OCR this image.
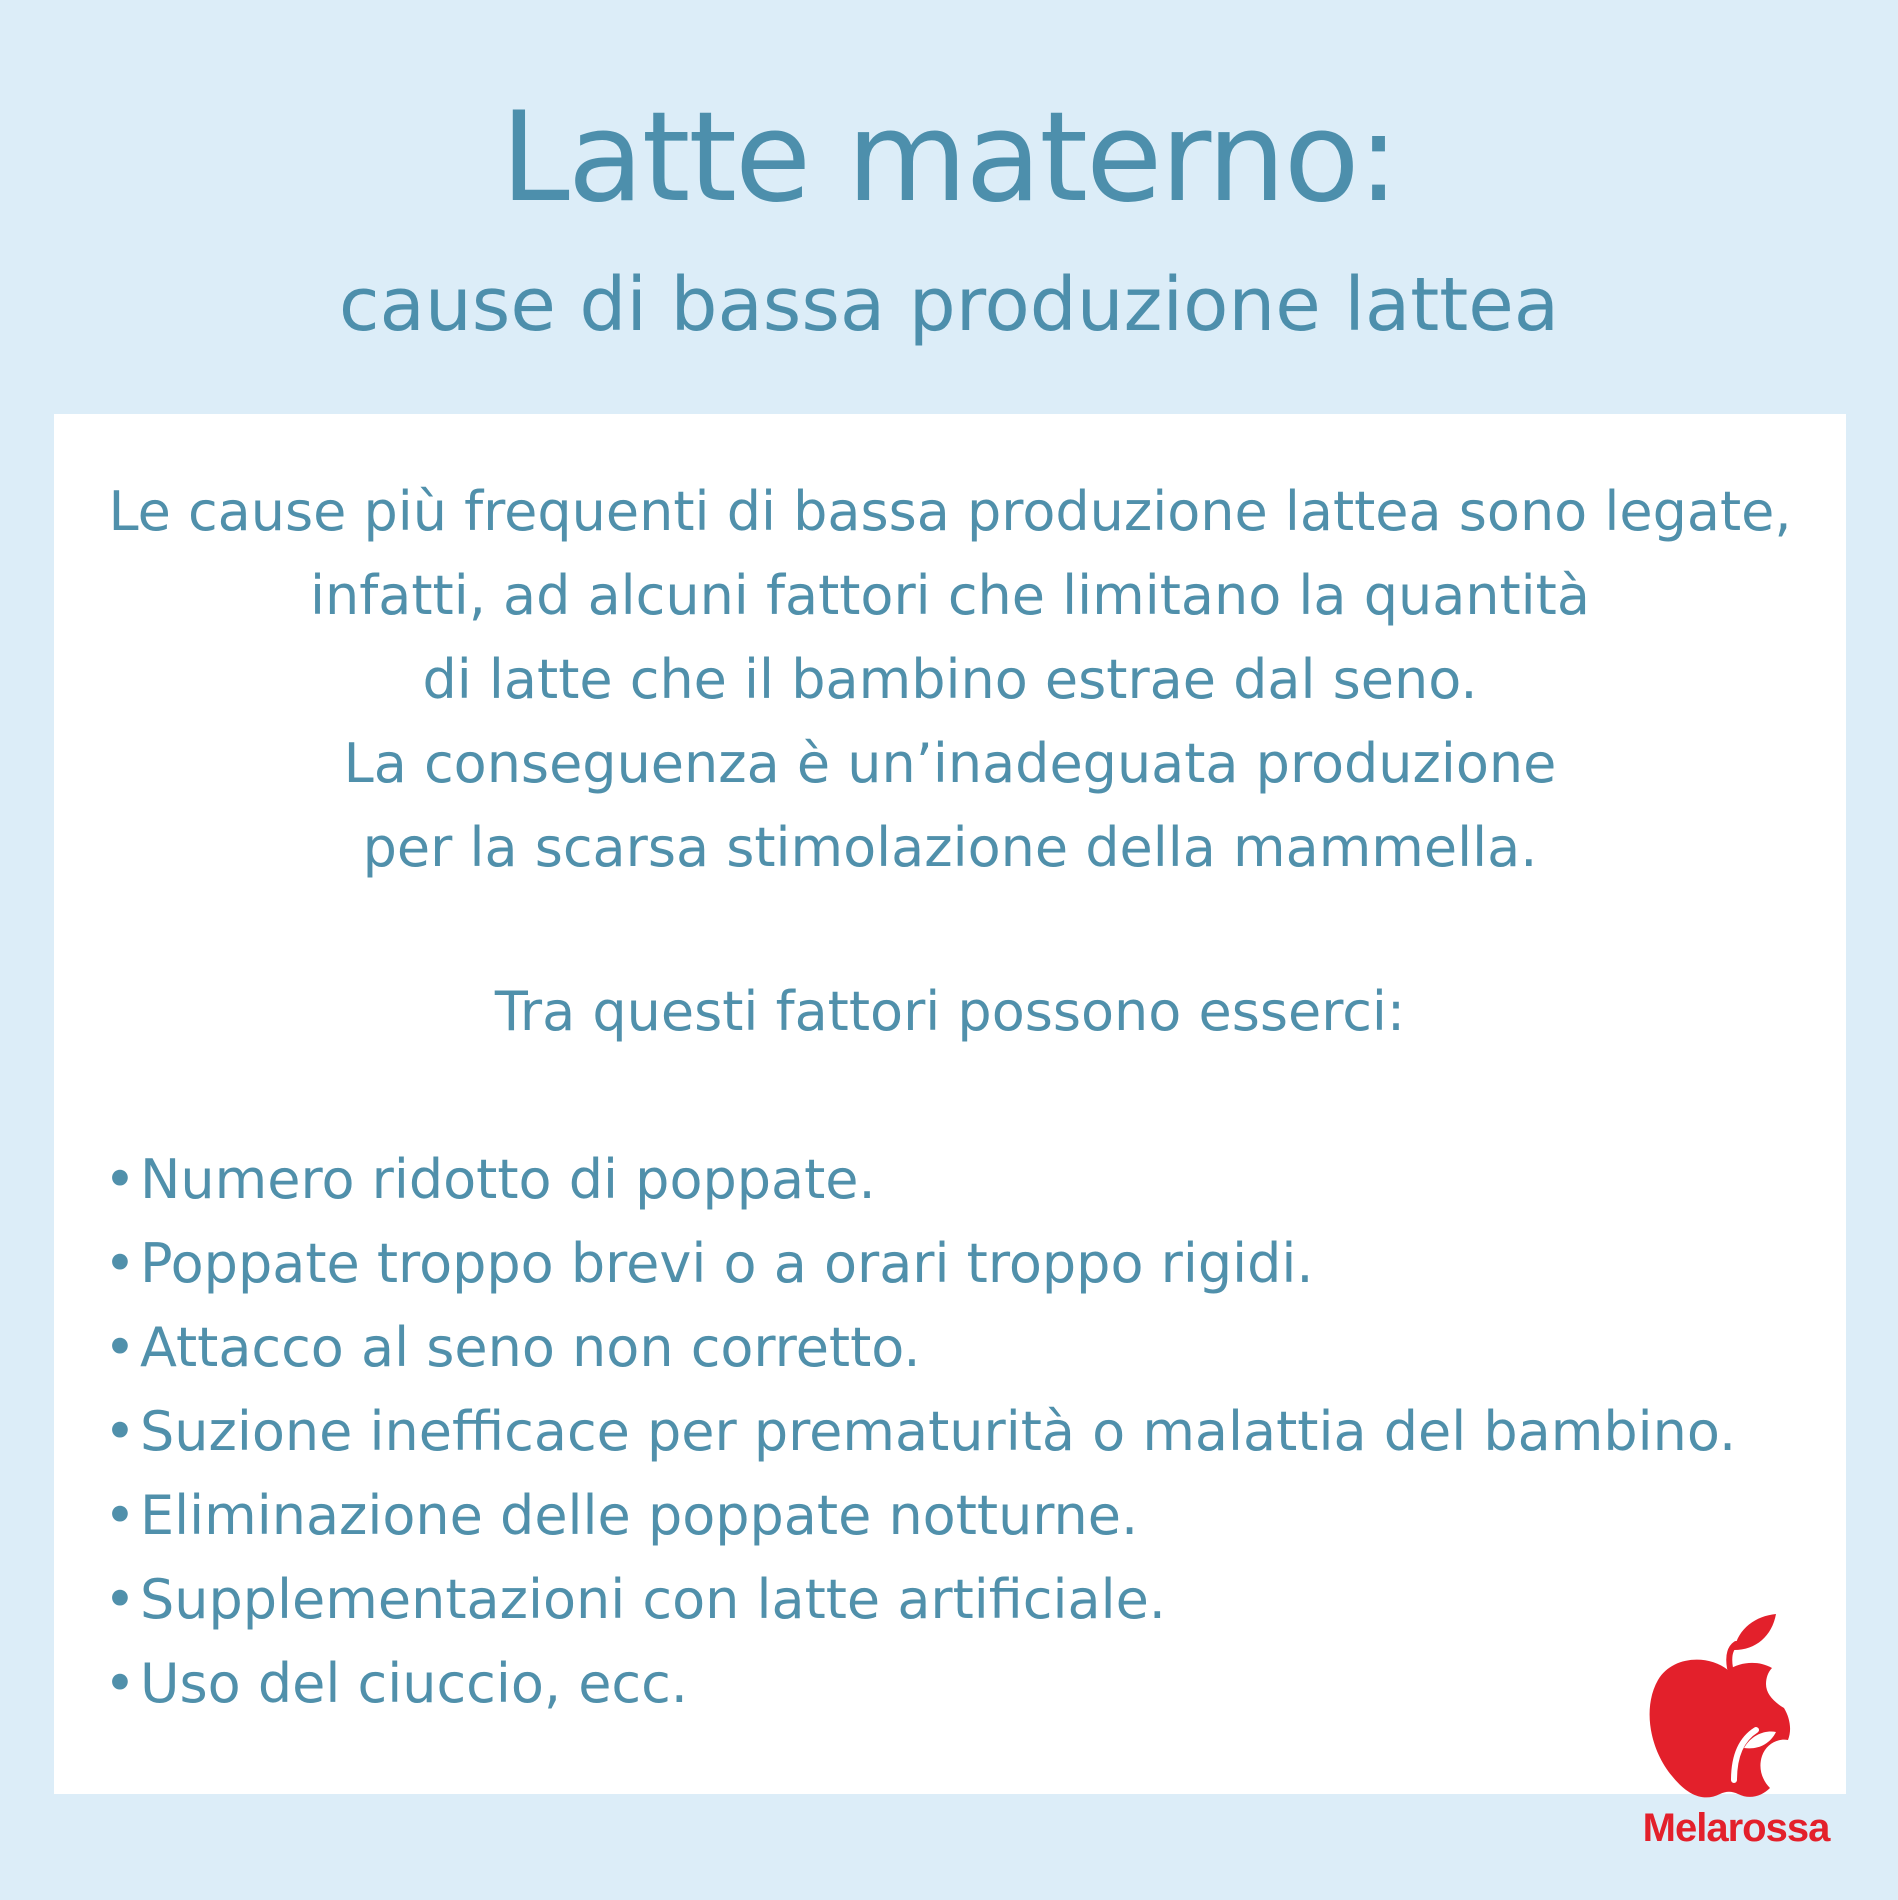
Latte materno:
cause di bassa produzione lattea
Le cause più frequenti di bassa produzione lattea sono legate,
infatti, ad alcuni fattori che limitano la quantità
di latte che il bambino estrae dal seno.
La conseguenza è un’inadeguata produzione
per la scarsa stimolazione della mammella.
Tra questi fattori possono esserci:
•Numero ridotto di poppate.
•Poppate troppo brevi o a orari troppo rigidi.
•Attacco al seno non corretto.
•Suzione inefficace per prematurità o malattia del bambino.
•Eliminazione delle poppate notturne.
•Supplementazioni con latte artificiale.
•Uso del ciuccio, ecc.
Melarossa
